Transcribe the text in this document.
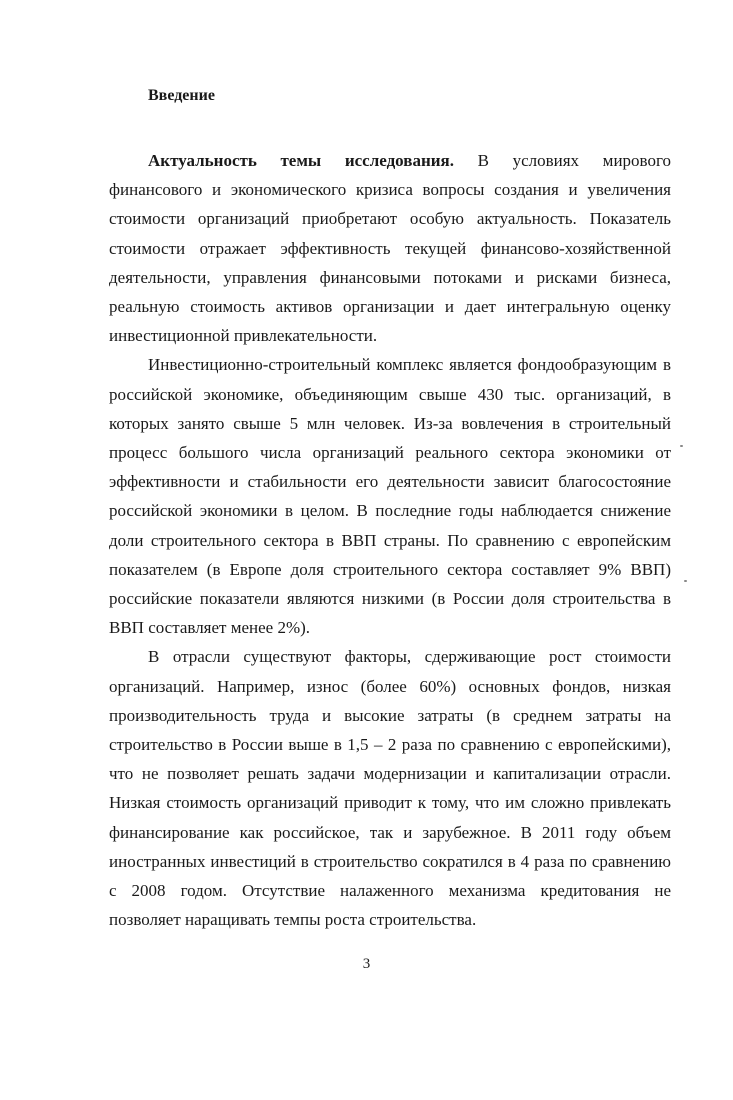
Введение

Актуальность темы исследования. В условиях мирового финансового и экономического кризиса вопросы создания и увеличения стоимости организаций приобретают особую актуальность. Показатель стоимости отражает эффективность текущей финансово-хозяйственной деятельности, управления финансовыми потоками и рисками бизнеса, реальную стоимость активов организации и дает интегральную оценку инвестиционной привлекательности.

Инвестиционно-строительный комплекс является фондообразующим в российской экономике, объединяющим свыше 430 тыс. организаций, в которых занято свыше 5 млн человек. Из-за вовлечения в строительный процесс большого числа организаций реального сектора экономики от эффективности и стабильности его деятельности зависит благосостояние российской экономики в целом. В последние годы наблюдается снижение доли строительного сектора в ВВП страны. По сравнению с европейским показателем (в Европе доля строительного сектора составляет 9% ВВП) российские показатели являются низкими (в России доля строительства в ВВП составляет менее 2%).

В отрасли существуют факторы, сдерживающие рост стоимости организаций. Например, износ (более 60%) основных фондов, низкая производительность труда и высокие затраты (в среднем затраты на строительство в России выше в 1,5 – 2 раза по сравнению с европейскими), что не позволяет решать задачи модернизации и капитализации отрасли. Низкая стоимость организаций приводит к тому, что им сложно привлекать финансирование как российское, так и зарубежное. В 2011 году объем иностранных инвестиций в строительство сократился в 4 раза по сравнению с 2008 годом. Отсутствие налаженного механизма кредитования не позволяет наращивать темпы роста строительства.

3
